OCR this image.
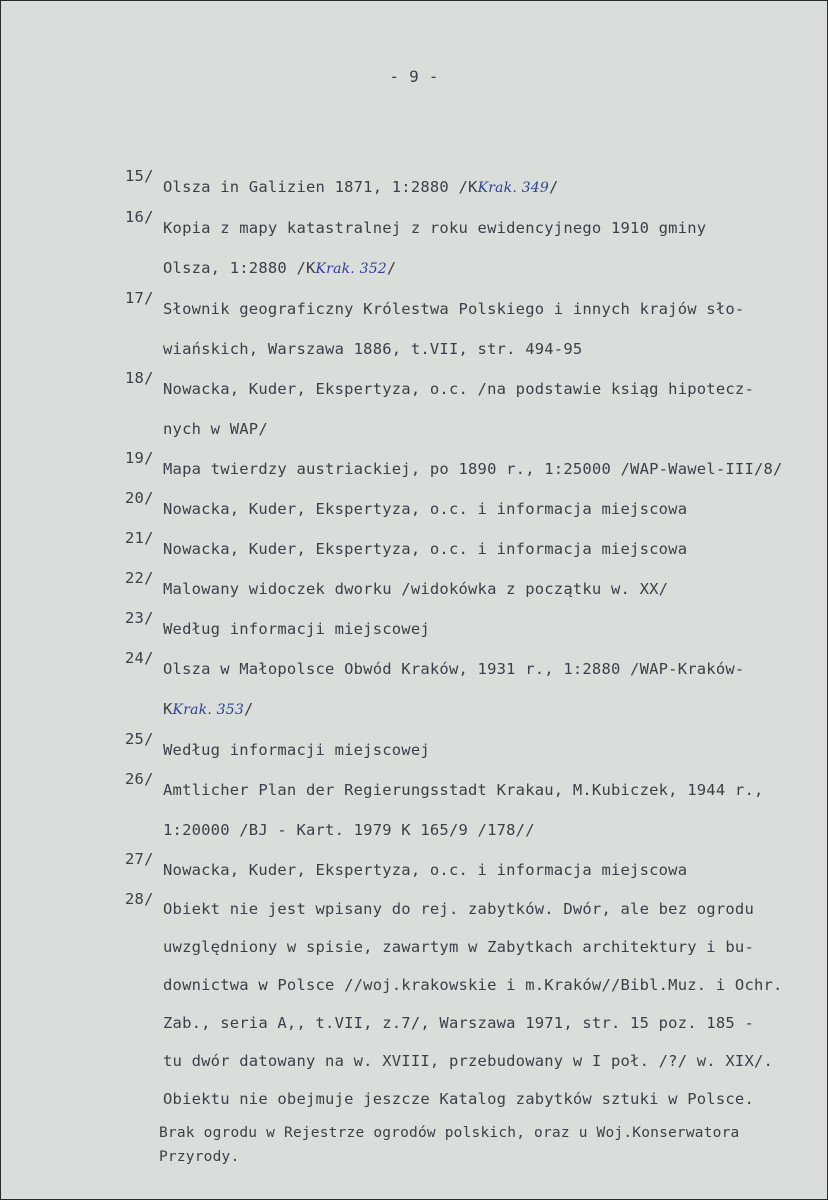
- 9 -
15/
Olsza in Galizien 1871, 1:2880 /KKrak. 349/
16/
Kopia z mapy katastralnej z roku ewidencyjnego 1910 gminy
Olsza, 1:2880 /KKrak. 352/
17/
Słownik geograficzny Królestwa Polskiego i innych krajów sło-
wiańskich, Warszawa 1886, t.VII, str. 494-95
18/
Nowacka, Kuder, Ekspertyza, o.c. /na podstawie ksiąg hipotecz-
nych w WAP/
19/
Mapa twierdzy austriackiej, po 1890 r., 1:25000 /WAP-Wawel-III/8/
20/
Nowacka, Kuder, Ekspertyza, o.c. i informacja miejscowa
21/
Nowacka, Kuder, Ekspertyza, o.c. i informacja miejscowa
22/
Malowany widoczek dworku /widokówka z początku w. XX/
23/
Według informacji miejscowej
24/
Olsza w Małopolsce Obwód Kraków, 1931 r., 1:2880 /WAP-Kraków-
KKrak. 353/
25/
Według informacji miejscowej
26/
Amtlicher Plan der Regierungsstadt Krakau, M.Kubiczek, 1944 r.,
1:20000 /BJ - Kart. 1979 K 165/9 /178//
27/
Nowacka, Kuder, Ekspertyza, o.c. i informacja miejscowa
28/
Obiekt nie jest wpisany do rej. zabytków. Dwór, ale bez ogrodu
uwzględniony w spisie, zawartym w Zabytkach architektury i bu-
downictwa w Polsce //woj.krakowskie i m.Kraków//Bibl.Muz. i Ochr.
Zab., seria A,, t.VII, z.7/, Warszawa 1971, str. 15 poz. 185 -
tu dwór datowany na w. XVIII, przebudowany w I poł. /?/ w. XIX/.
Obiektu nie obejmuje jeszcze Katalog zabytków sztuki w Polsce.
Brak ogrodu w Rejestrze ogrodów polskich, oraz u Woj.Konserwatora
Przyrody.
